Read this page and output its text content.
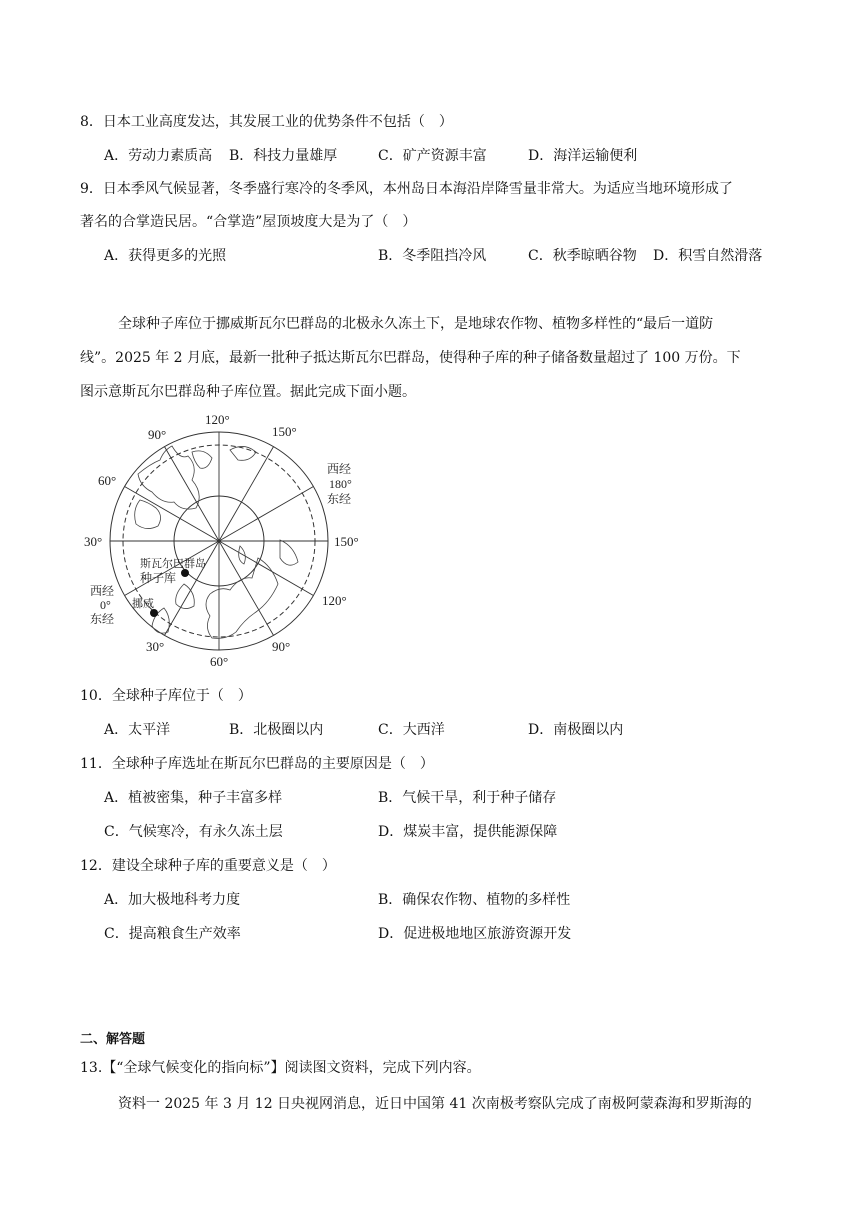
8．日本工业高度发达，其发展工业的优势条件不包括（　）
A．劳动力素质高 B．科技力量雄厚	C．矿产资源丰富	D．海洋运输便利
9．日本季风气候显著，冬季盛行寒冷的冬季风，本州岛日本海沿岸降雪量非常大。为适应当地环境形成了
著名的合掌造民居。“合掌造”屋顶坡度大是为了（　）
A．获得更多的光照	B．冬季阻挡冷风	C．秋季晾晒谷物 D．积雪自然滑落
全球种子库位于挪威斯瓦尔巴群岛的北极永久冻土下，是地球农作物、植物多样性的“最后一道防
线”。2025 年 2 月底，最新一批种子抵达斯瓦尔巴群岛，使得种子库的种子储备数量超过了 100 万份。下
图示意斯瓦尔巴群岛种子库位置。据此完成下面小题。
120°
90°	150°
60°
30°	150°
120°
30°
60°
90°
西经
180°
东经
西经
0°
东经
斯瓦尔巴群岛
种子库
挪威
10．全球种子库位于（　）
A．太平洋	B．北极圈以内	C．大西洋	D．南极圈以内
11．全球种子库选址在斯瓦尔巴群岛的主要原因是（　）
A．植被密集，种子丰富多样	B．气候干旱，利于种子储存
C．气候寒冷，有永久冻土层	D．煤炭丰富，提供能源保障
12．建设全球种子库的重要意义是（　）
A．加大极地科考力度	B．确保农作物、植物的多样性
C．提高粮食生产效率	D．促进极地地区旅游资源开发
二、解答题
13.【“全球气候变化的指向标”】阅读图文资料，完成下列内容。
资料一 2025 年 3 月 12 日央视网消息，近日中国第 41 次南极考察队完成了南极阿蒙森海和罗斯海的
